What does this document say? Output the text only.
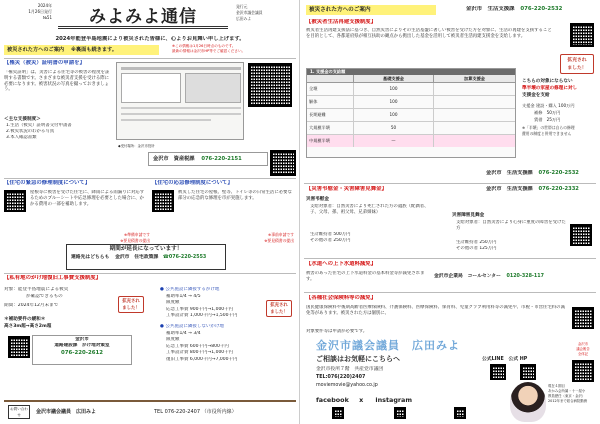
2024年
1月26日発行
№51	みよみよ通信
発行元
金沢市議会議員
広田みよ
2024年能登半島地震により被災された皆様に、心よりお見舞い申し上げます。
被災された方へのご案内 ※裏面も続きます。
※この情報は1月26日時点のものです。
最新の情報は金沢市HP等でご確認ください。
【罹災（被災）証明書の申請を】
「罹災証明」は、災害による住宅等の被害の程度を証明する書類です。さまざまな被災者支援を受ける際に必要になります。被害状況の写真を撮っておきましょう。
＜主な支援制度＞
1.生活（被災）証明書交付申請書
2.被災状況のわかる写真
3.本人確認書類
◆受付場所：金沢市役所
金沢市　資産税課 076-220-2151
【住宅の緊急の修理制度について】
屋根等に被害を受けた住宅に、降雨による雨漏りに対応するためのブルーシートや応急修理を必要とした場合に、かかる費用の一部を補助します。
※準備申請です
※要見積書の提出
【住宅の応急修理制度について】
被災した住宅の屋根、壁等、トイレ等の日常生活に必要な部分の応急的な修理を市が実施します。
※事前申請です
※要見積書の提出
期間が延長になっています！
連絡先はどちらも 金沢市　住宅政策課 ☎076-220-2553
【私有地のがけ地復旧工事費支援制度】
対象：能登半島地震による被災
が確認できるもの
期間：2024年12月末まで
拡充され
ました！
＊補助要件の緩和＊
高さ3m超→高さ2m超
金沢市
道路建設課　がけ地対策室
076-220-2612
● 公共施設に隣接するがけ地
補助率1/4 → 4/5
限度額
応急工事費 900千円→1,000千円
工事設計費 1,000千円→1,500千円
● 公共施設に隣接しないがけ地
補助率1/4 → 3/4
限度額
応急工事費 600千円→800千円
工事設計費 800千円→1,000千円
復旧工事費 6,000千円→7,000千円
拡充され
ました！
お問い合わせ	金沢市議会議員　広田みよ	TEL 076-220-2407 （市役所内線）
被災された方へのご案内	金沢市　生活支援課 076-220-2532
【被災者生活再建支援制度】
被災者生活再建支援法に基づき、自然災害によりその生活基盤に著しい被害を受けた方を対象に、生活の再建を支援することを目的として、各都道府県が相互扶助の観点から拠出した基金を活用して被災者生活再建支援金を支給します。
拡充され
ました！
1. 支援金の支給額
基礎支援金	加算支援金
全壊	100
解体	100
長期避難	100
大規模半壊	50
中規模半壊	—
こちらの対象にならない
準半壊の家屋の修理に対し
支援金を支給
支援金 建設・購入 100万円
補修　50万円
賃借　25万円
※「半壊」の世帯は自らの修理
費用の制度と併用できません
金沢市　生活支援課 076-220-2532
【災害弔慰金・災害障害見舞金】	金沢市　生活支援課 076-220-2332
災害弔慰金
支給対象者：自然災害により死亡された方の遺族（配偶者、子、父母、孫、祖父母、兄弟姉妹）
生計維持者 500万円
その他の者 250万円
災害障害見舞金
支給対象者：自然災害により心身に重度の障害を受けた方
生計維持者 250万円
その他の者 125万円
【水道への上下水道料減免】
被害のあった住宅の上下水道料金の基本料金等が減免されます。
金沢市企業局　コールセンター 0120-328-117
【各種社会保険料等の減免】
国民健康保険料や後期高齢者医療保険料、介護保険料、医療保険料、保育料、児童クラブ利用料等の減免や、市税・市営住宅料の減免等があります。被災された方は個別に、
対象要件等は申請が必要です。
金沢市議会議員　広田みよ
ご相談はお気軽にこちらへ	公式LINE　公式 HP
金沢市役所７階　共産党市議団
TEL:076(220)2407
moviemovie@yahoo.co.jp
facebook x instagram
現在４期目
あかみ会所属・十一屋小
教員歴任（東京・金沢）
2012年まで総合病院勤務
金沢市
議会報告
全体記
